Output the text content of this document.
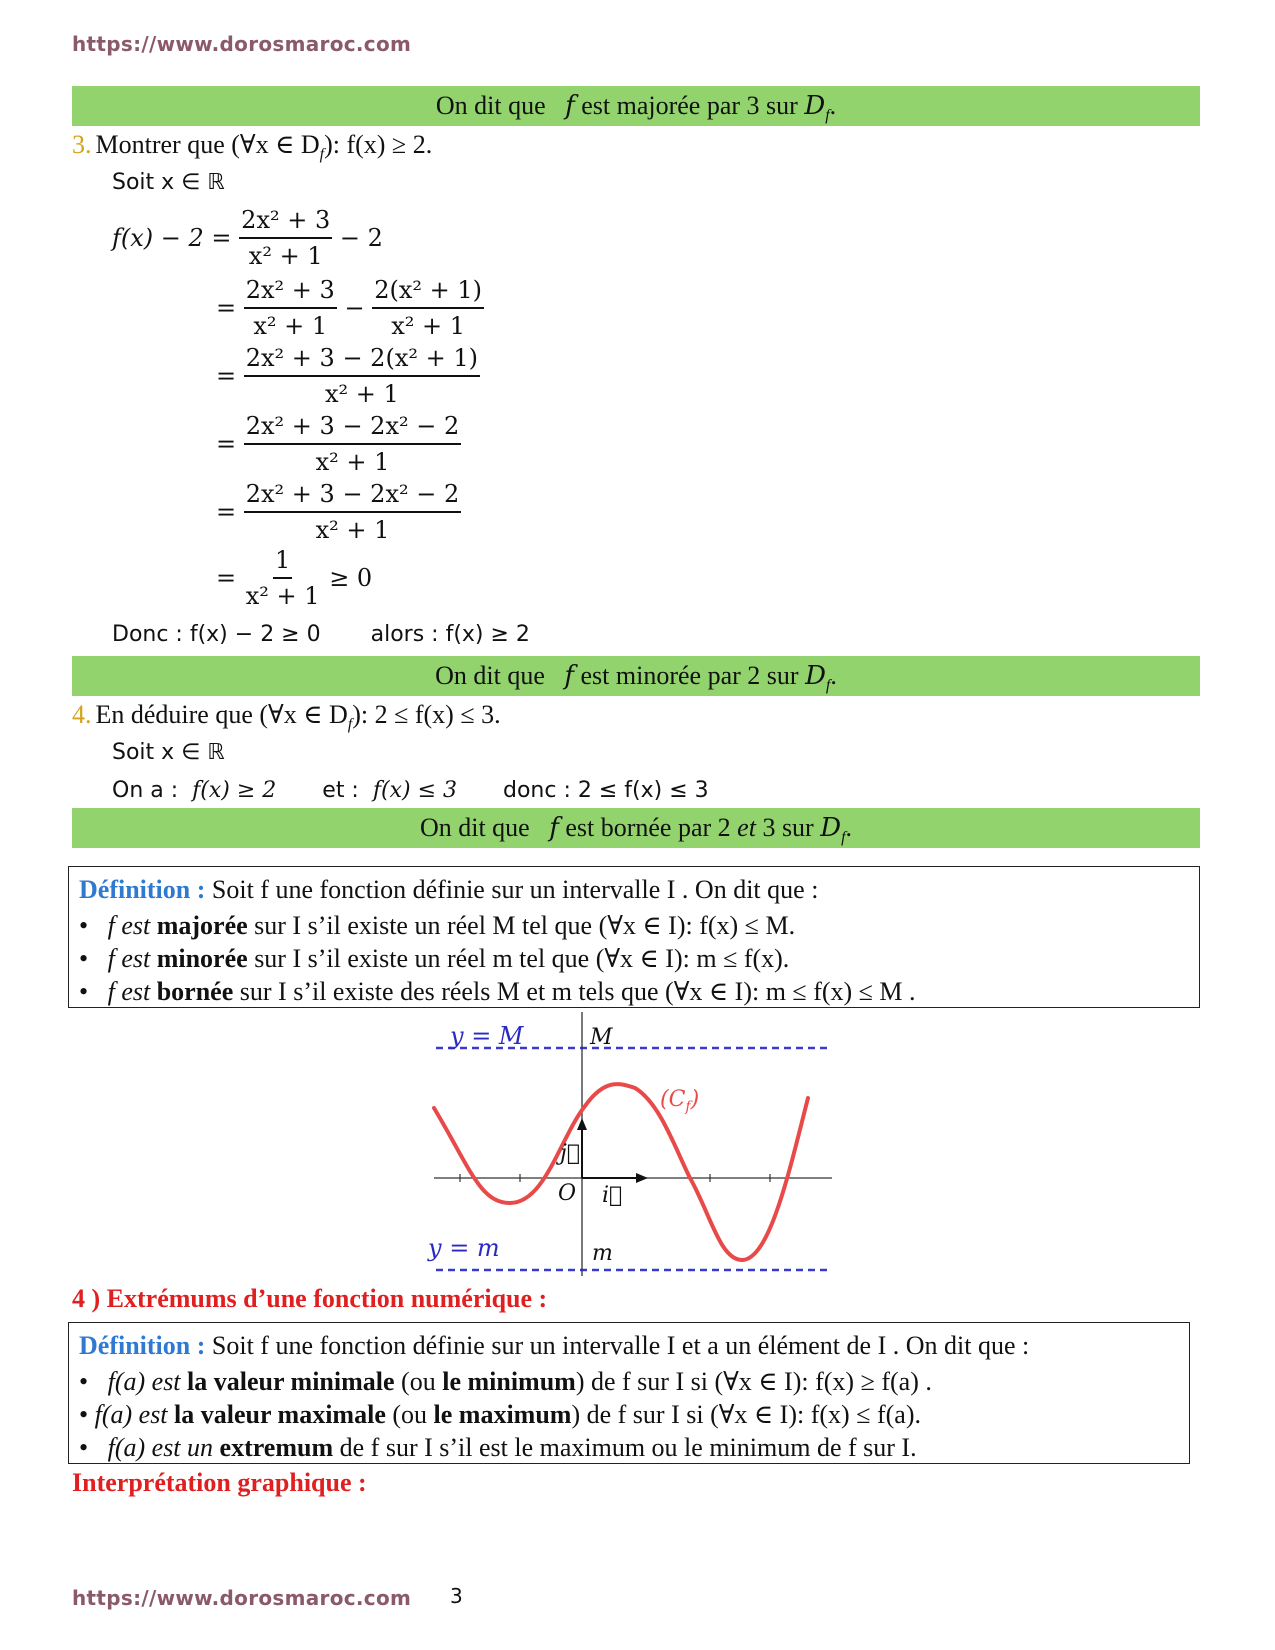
https://www.dorosmaroc.com
On dit que f est majorée par 3 sur $D_f$.
3. Montrer que (∀x ∈ $D_f$): f(x) ≥ 2.
Soit x ∈ ℝ
f(x) − 2 =
$\frac{\text{2x² + 3}}{\text{x² + 1}}$
− 2
=
$\frac{\text{2x² + 3}}{\text{x² + 1}}$
−
$\frac{\text{2(x² + 1)}}{\text{x² + 1}}$
=
$\frac{\text{2x² + 3 − 2(x² + 1)}}{\text{x² + 1}}$
=
$\frac{\text{2x² + 3 − 2x² − 2}}{\text{x² + 1}}$
=
$\frac{\text{2x² + 3 − 2x² − 2}}{\text{x² + 1}}$
=
$\frac{1}{\text{x² + 1}}$
≥ 0
Donc : f(x) − 2 ≥ 0 alors : f(x) ≥ 2
On dit que f est minorée par 2 sur $D_f$.
4. En déduire que (∀x ∈ $D_f$): 2 ≤ f(x) ≤ 3.
Soit x ∈ ℝ
On a : f(x) ≥ 2 et : f(x) ≤ 3 donc : 2 ≤ f(x) ≤ 3
On dit que f est bornée par 2 et 3 sur $D_f$.
Définition : Soit f une fonction définie sur un intervalle I . On dit que :
•   f est majorée sur I s’il existe un réel M tel que (∀x ∈ I): f(x) ≤ M.
•   f est minorée sur I s’il existe un réel m tel que (∀x ∈ I): m ≤ f(x).
•   f est bornée sur I s’il existe des réels M et m tels que (∀x ∈ I): m ≤ f(x) ≤ M .
y = M	M
$(C_f)$
j⃗
O i⃗
y = m	m
4 ) Extrémums d’une fonction numérique :
Définition : Soit f une fonction définie sur un intervalle I et a un élément de I . On dit que :
•   f(a) est la valeur minimale (ou le minimum) de f sur I si (∀x ∈ I): f(x) ≥ f(a) .
• f(a) est la valeur maximale (ou le maximum) de f sur I si (∀x ∈ I): f(x) ≤ f(a).
•   f(a) est un extremum de f sur I s’il est le maximum ou le minimum de f sur I.
Interprétation graphique :
https://www.dorosmaroc.com 3
